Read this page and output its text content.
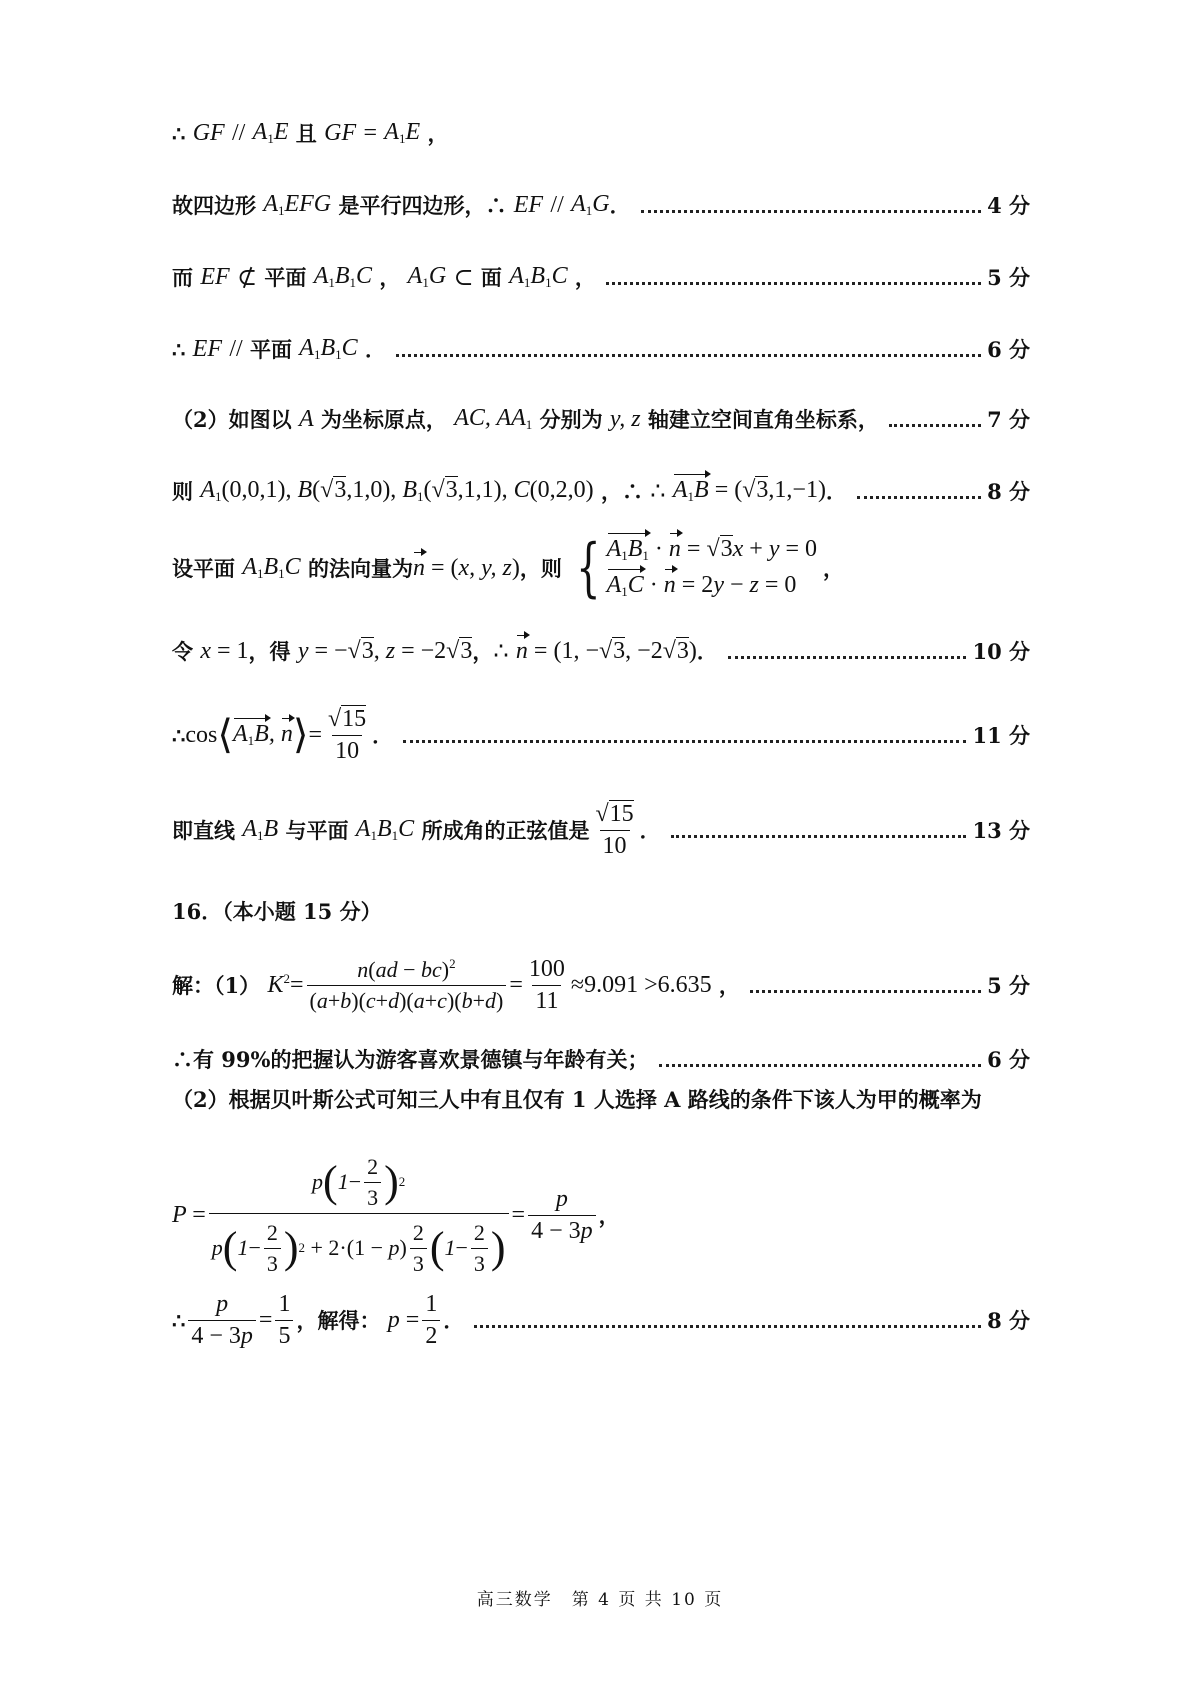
∴
GF
//
$A_1E$ 且 GF
=
$A_1E$ ，
故四边形 $A_1EFG$ 是平行四边形，∴ EF
//
$A_1G$ ．	4 分
而 EF
⊄ 平面 $A_1B_1C$ ， $A_1G$
⊂ 面 $A_1B_1C$ ，	5 分
∴ EF
// 平面 $A_1B_1C$ ．	6 分
（2）如图以 A 为坐标原点， AC, $AA_1$ 分别为 y, z 轴建立空间直角坐标系，	7 分
则 $A_1(0,0,1)$, B(√3,1,0), $B_1(√3,1,1)$, C(0,2,0) ，∴ ∴
$A_1B = (√3,1,-1)$ ．	8 分
设平面 $A_1B_1C$ 的法向量为 n = (x, y, z) ，则 { $A_1B_1 \cdot n = √3x + y = 0$
$A_1C \cdot n = 2y - z = 0$
，
令 x = 1 ，得 y = −√3, z = −2√3 ， ∴
n = (1, −√3, −2√3) ．	10 分
∴ cos ⟨ $A_1B$, n ⟩ = $\frac{√15}{10}$ ．	11 分
即直线 $A_1B$ 与平面 $A_1B_1C$ 所成角的正弦值是 $\frac{√15}{10}$ ．	13 分
16．（本小题 15 分）
解：（1） $K^2= \frac{n(ad - bc)^2}{(a+b)(c+d)(a+c)(b+d)} = \frac{100}{11} \approx 9.091 >6.635$ ，	5 分
∴有 99%的把握认为游客喜欢景德镇与年龄有关；	6 分
（2）根据贝叶斯公式可知三人中有且仅有 1 人选择 A 路线的条件下该人为甲的概率为
P = p ( $1 - \frac{2}{3}$ ) 2
p ( $1 - \frac{2}{3}$ ) 2
+ 2·(1 − p ) $\frac{2}{3}$ ( $1 - \frac{2}{3}$ ) = $\frac{p}{4 - 3p}$ ，
∴ $\frac{p}{4 - 3p} = \frac{1}{5}$ ，解得： $p = \frac{1}{2}$ ．	8 分
高三数学　第 4 页 共 10 页
